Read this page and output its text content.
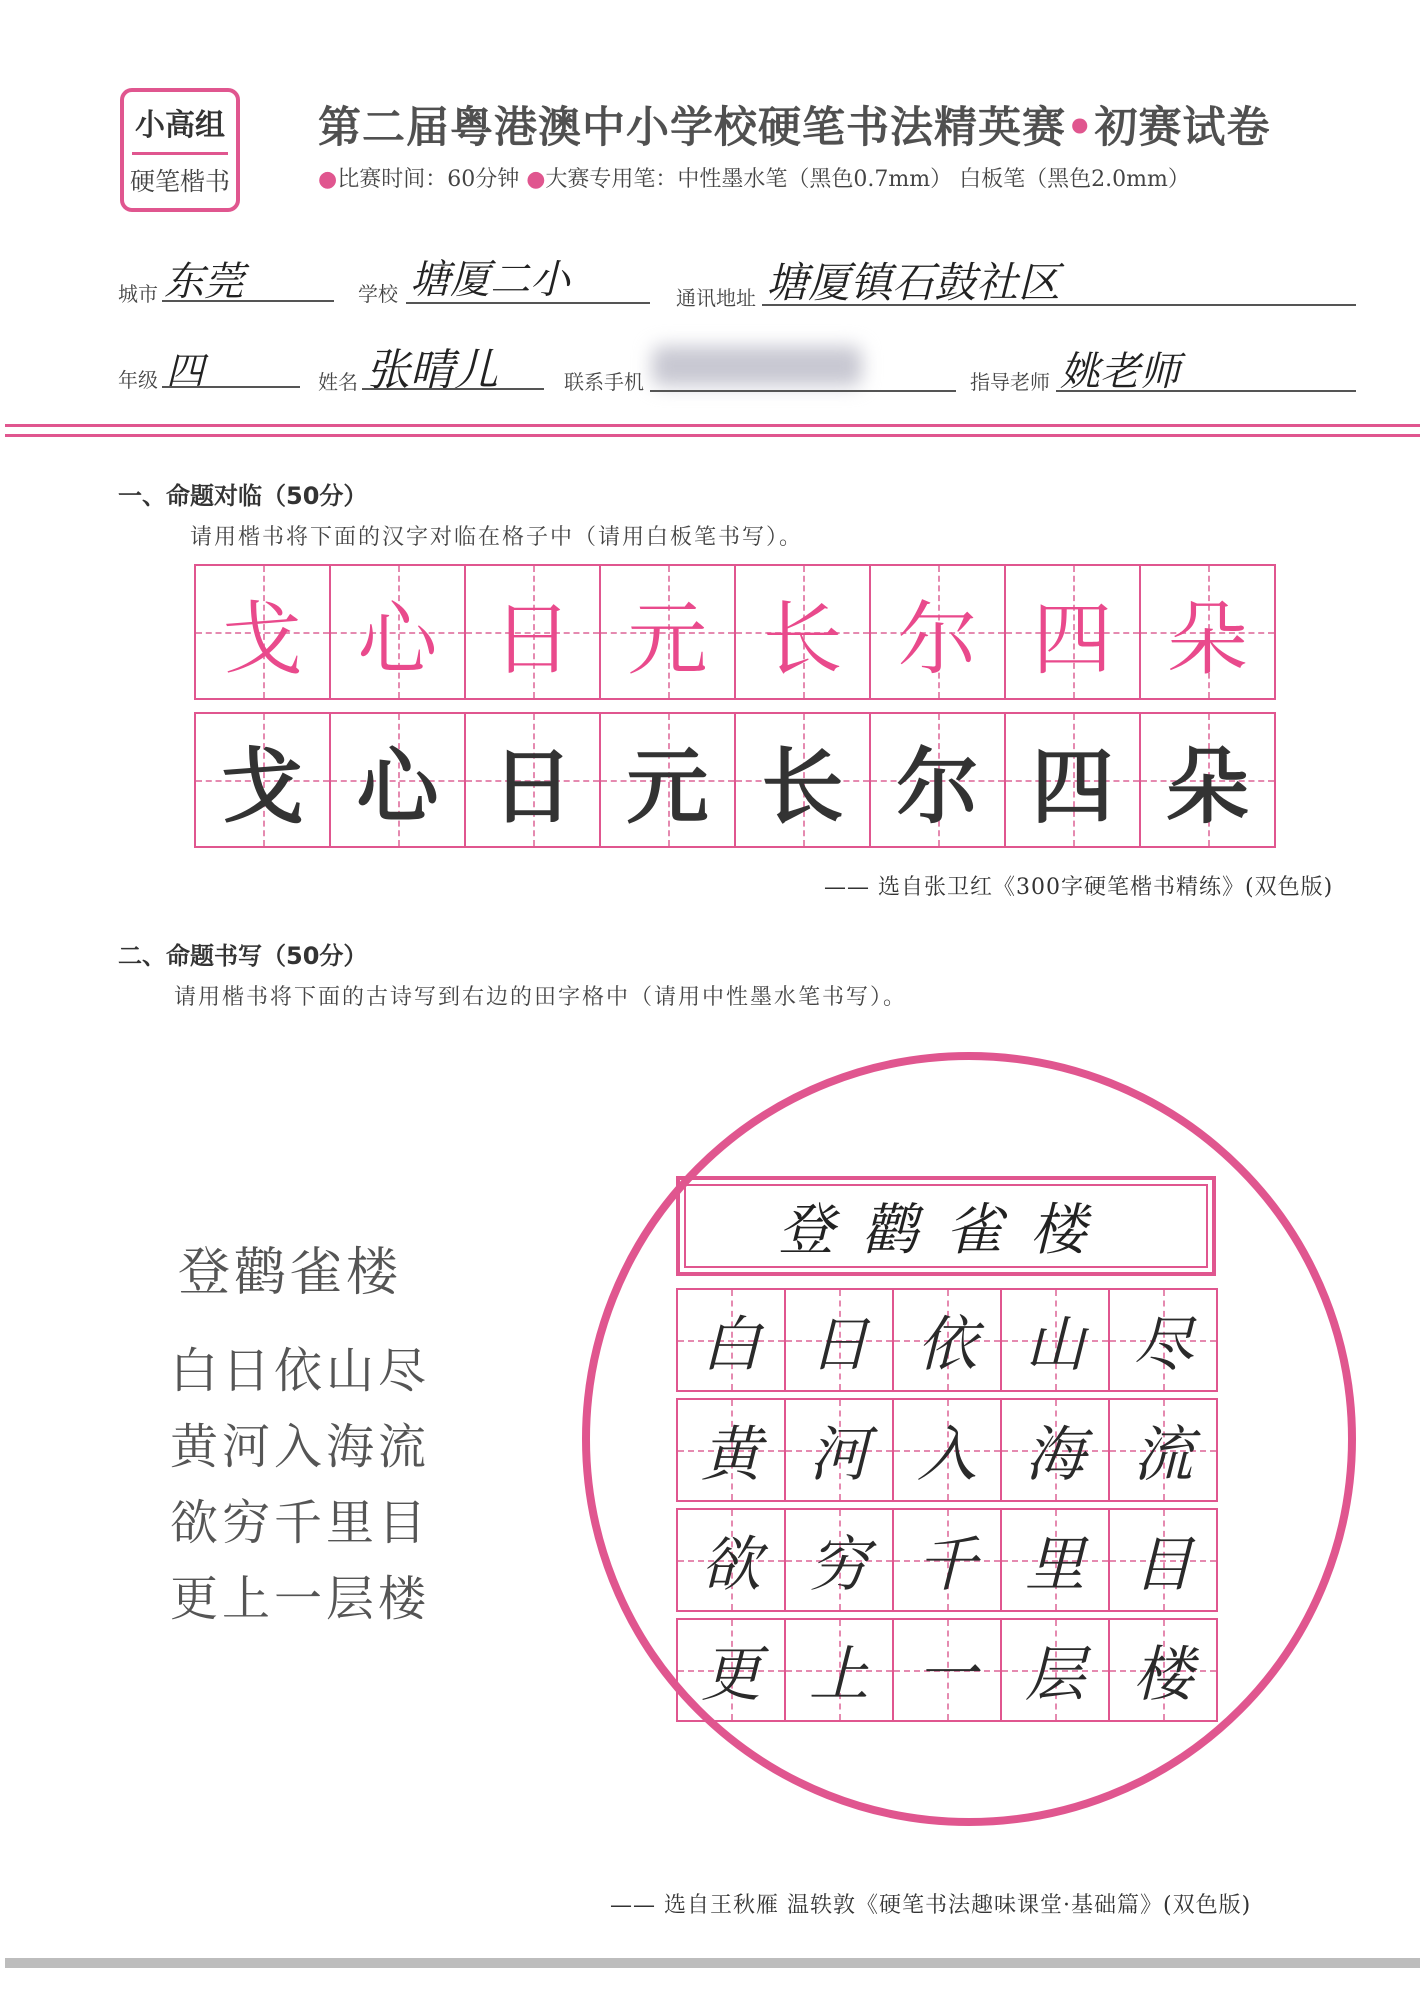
小高组
硬笔楷书
第二届粤港澳中小学校硬笔书法精英赛•初赛试卷
●比赛时间：60分钟 ●大赛专用笔：中性墨水笔（黑色0.7mm） 白板笔（黑色2.0mm）
城市 东莞	学校 塘厦二小	通讯地址 塘厦镇石鼓社区
年级 四	姓名 张晴儿	联系手机	指导老师 姚老师
一、命题对临（50分）
请用楷书将下面的汉字对临在格子中（请用白板笔书写）。
戈 心 日 元 长 尔 四 朵
戈 心 日 元 长 尔 四 朵
—— 选自张卫红《300字硬笔楷书精练》(双色版)
二、命题书写（50分）
请用楷书将下面的古诗写到右边的田字格中（请用中性墨水笔书写）。
登鹳雀楼
白日依山尽
黄河入海流
欲穷千里目
更上一层楼
登鹳雀楼
白 日 依 山 尽
黄 河 入 海 流
欲 穷 千 里 目
更 上 一 层 楼
—— 选自王秋雁 温轶敦《硬笔书法趣味课堂·基础篇》(双色版)
